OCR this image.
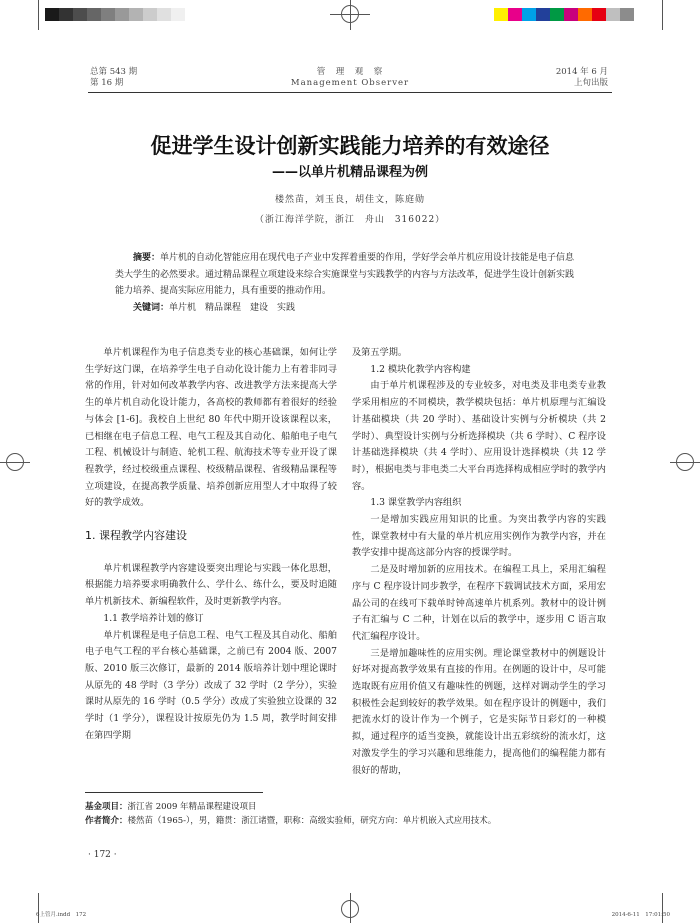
总第 543 期
第 16 期
管　理　观　察
Management Observer
2014 年 6 月
上旬出版
促进学生设计创新实践能力培养的有效途径
——以单片机精品课程为例
楼然苗，刘玉良，胡佳文，陈庭勋
（浙江海洋学院，浙江　舟山　316022）
摘要：单片机的自动化智能应用在现代电子产业中发挥着重要的作用，学好学会单片机应用设计技能是电子信息类大学生的必然要求。通过精品课程立项建设来综合实施课堂与实践教学的内容与方法改革，促进学生设计创新实践能力培养、提高实际应用能力，具有重要的推动作用。
关键词：单片机　精品课程　建设　实践

单片机课程作为电子信息类专业的核心基础课，如何让学生学好这门课，在培养学生电子自动化设计能力上有着非同寻常的作用，针对如何改革教学内容、改进教学方法来提高大学生的单片机自动化设计能力，各高校的教师都有着很好的经验与体会 [1-6]。我校自上世纪 80 年代中期开设该课程以来，已相继在电子信息工程、电气工程及其自动化、船舶电子电气工程、机械设计与制造、轮机工程、航海技术等专业开设了课程教学，经过校级重点课程、校级精品课程、省级精品课程等立项建设，在提高教学质量、培养创新应用型人才中取得了较好的教学成效。

1. 课程教学内容建设

单片机课程教学内容建设要突出理论与实践一体化思想，根据能力培养要求明确教什么、学什么、练什么，要及时追随单片机新技术、新编程软件，及时更新教学内容。

1.1 教学培养计划的修订

单片机课程是电子信息工程、电气工程及其自动化、船舶电子电气工程的平台核心基础课，之前已有 2004 版、2007 版、2010 版三次修订，最新的 2014 版培养计划中理论课时从原先的 48 学时（3 学分）改成了 32 学时（2 学分），实验课时从原先的 16 学时（0.5 学分）改成了实验独立设课的 32 学时（1 学分），课程设计按原先仍为 1.5 周，教学时间安排在第四学期

及第五学期。

1.2 模块化教学内容构建

由于单片机课程涉及的专业较多，对电类及非电类专业教学采用相应的不同模块，教学模块包括：单片机原理与汇编设计基础模块（共 20 学时）、基础设计实例与分析模块（共 2 学时）、典型设计实例与分析选择模块（共 6 学时）、C 程序设计基础选择模块（共 4 学时）、应用设计选择模块（共 12 学时），根据电类与非电类二大平台再选择构成相应学时的教学内容。

1.3 课堂教学内容组织

一是增加实践应用知识的比重。为突出教学内容的实践性，课堂教材中有大量的单片机应用实例作为教学内容，并在教学安排中提高这部分内容的授课学时。

二是及时增加新的应用技术。在编程工具上，采用汇编程序与 C 程序设计同步教学，在程序下载调试技术方面，采用宏晶公司的在线可下载单时钟高速单片机系列。教材中的设计例子有汇编与 C 二种，计划在以后的教学中，逐步用 C 语言取代汇编程序设计。

三是增加趣味性的应用实例。理论课堂教材中的例题设计好坏对提高教学效果有直接的作用。在例题的设计中，尽可能选取既有应用价值又有趣味性的例题，这样对调动学生的学习积极性会起到较好的教学效果。如在程序设计的例题中，我们把流水灯的设计作为一个例子，它是实际节日彩灯的一种模拟，通过程序的适当变换，就能设计出五彩缤纷的流水灯，这对激发学生的学习兴趣和思维能力，提高他们的编程能力都有很好的帮助，

基金项目：浙江省 2009 年精品课程建设项目
作者简介：楼然苗（1965-），男，籍贯：浙江诸暨，职称：高级实验师，研究方向：单片机嵌入式应用技术。
· 172 ·
6上管月.indd　172	2014-6-11　17:01:50
